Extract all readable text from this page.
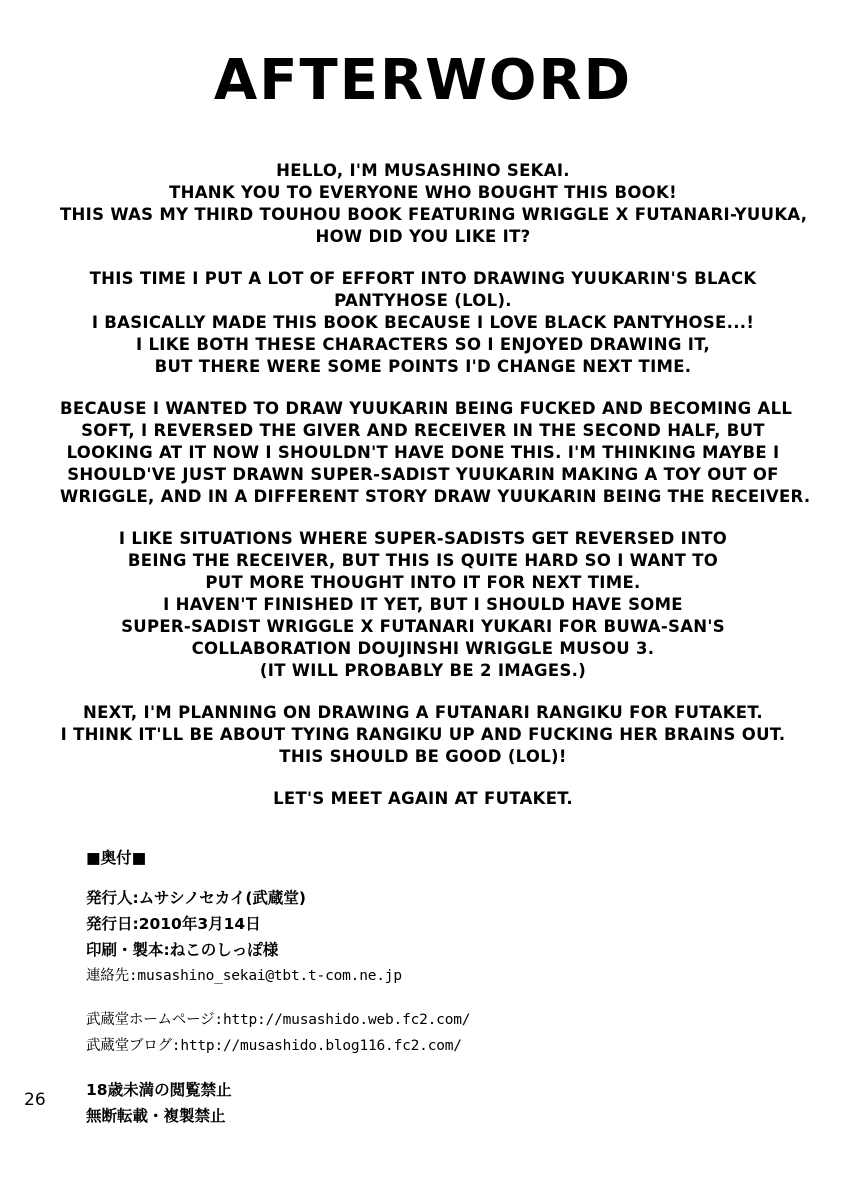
AFTERWORD
HELLO, I'M MUSASHINO SEKAI.
THANK YOU TO EVERYONE WHO BOUGHT THIS BOOK!
THIS WAS MY THIRD TOUHOU BOOK FEATURING WRIGGLE X FUTANARI-YUUKA,
HOW DID YOU LIKE IT?
THIS TIME I PUT A LOT OF EFFORT INTO DRAWING YUUKARIN'S BLACK
PANTYHOSE (LOL).
I BASICALLY MADE THIS BOOK BECAUSE I LOVE BLACK PANTYHOSE...!
I LIKE BOTH THESE CHARACTERS SO I ENJOYED DRAWING IT,
BUT THERE WERE SOME POINTS I'D CHANGE NEXT TIME.
BECAUSE I WANTED TO DRAW YUUKARIN BEING FUCKED AND BECOMING ALL
SOFT, I REVERSED THE GIVER AND RECEIVER IN THE SECOND HALF, BUT
LOOKING AT IT NOW I SHOULDN'T HAVE DONE THIS. I'M THINKING MAYBE I
SHOULD'VE JUST DRAWN SUPER-SADIST YUUKARIN MAKING A TOY OUT OF
WRIGGLE, AND IN A DIFFERENT STORY DRAW YUUKARIN BEING THE RECEIVER.
I LIKE SITUATIONS WHERE SUPER-SADISTS GET REVERSED INTO
BEING THE RECEIVER, BUT THIS IS QUITE HARD SO I WANT TO
PUT MORE THOUGHT INTO IT FOR NEXT TIME.
I HAVEN'T FINISHED IT YET, BUT I SHOULD HAVE SOME
SUPER-SADIST WRIGGLE X FUTANARI YUKARI FOR BUWA-SAN'S
COLLABORATION DOUJINSHI WRIGGLE MUSOU 3.
(IT WILL PROBABLY BE 2 IMAGES.)
NEXT, I'M PLANNING ON DRAWING A FUTANARI RANGIKU FOR FUTAKET.
I THINK IT'LL BE ABOUT TYING RANGIKU UP AND FUCKING HER BRAINS OUT.
THIS SHOULD BE GOOD (LOL)!
LET'S MEET AGAIN AT FUTAKET.
■奥付■
発行人:ムサシノセカイ(武蔵堂)
発行日:2010年3月14日
印刷・製本:ねこのしっぽ様
連絡先:musashino_sekai@tbt.t-com.ne.jp
武蔵堂ホームページ:http://musashido.web.fc2.com/
武蔵堂ブログ:http://musashido.blog116.fc2.com/
18歳未満の閲覧禁止
無断転載・複製禁止
26
